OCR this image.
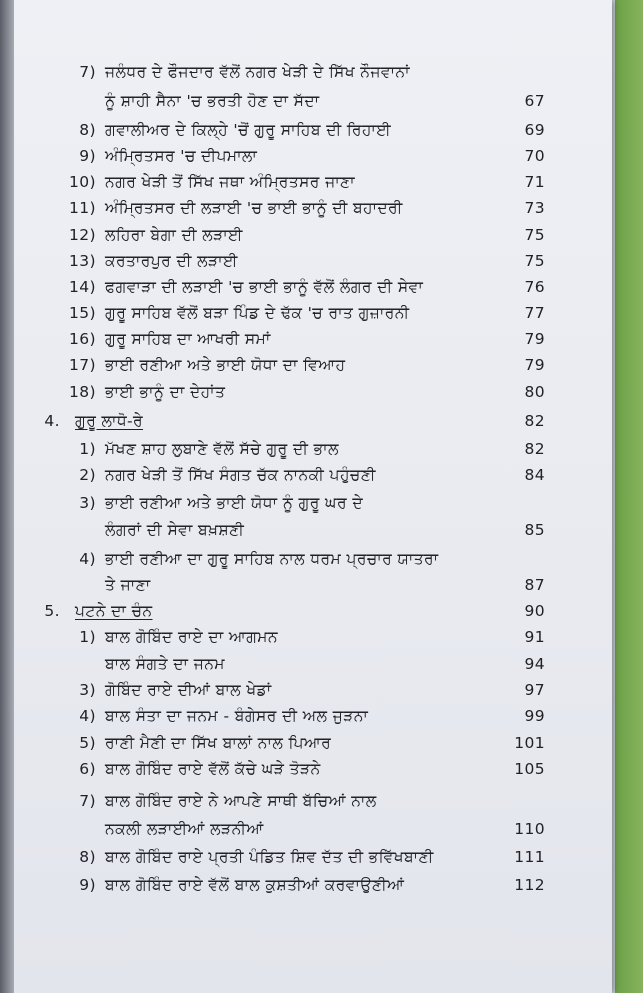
7) ਜਲੰਧਰ ਦੇ ਫੌਜਦਾਰ ਵੱਲੋਂ ਨਗਰ ਖੇੜੀ ਦੇ ਸਿੱਖ ਨੌਜਵਾਨਾਂ
ਨੂੰ ਸ਼ਾਹੀ ਸੈਨਾ 'ਚ ਭਰਤੀ ਹੋਣ ਦਾ ਸੱਦਾ	67
8) ਗਵਾਲੀਅਰ ਦੇ ਕਿਲ੍ਹੇ 'ਚੋਂ ਗੁਰੂ ਸਾਹਿਬ ਦੀ ਰਿਹਾਈ	69
9) ਅੰਮ੍ਰਿਤਸਰ 'ਚ ਦੀਪਮਾਲਾ	70
10) ਨਗਰ ਖੇੜੀ ਤੋਂ ਸਿੱਖ ਜਥਾ ਅੰਮ੍ਰਿਤਸਰ ਜਾਣਾ	71
11) ਅੰਮ੍ਰਿਤਸਰ ਦੀ ਲੜਾਈ 'ਚ ਭਾਈ ਭਾਨੂੰ ਦੀ ਬਹਾਦਰੀ	73
12) ਲਹਿਰਾ ਬੇਗਾ ਦੀ ਲੜਾਈ	75
13) ਕਰਤਾਰਪੁਰ ਦੀ ਲੜਾਈ	75
14) ਫਗਵਾੜਾ ਦੀ ਲੜਾਈ 'ਚ ਭਾਈ ਭਾਨੂੰ ਵੱਲੋਂ ਲੰਗਰ ਦੀ ਸੇਵਾ	76
15) ਗੁਰੂ ਸਾਹਿਬ ਵੱਲੋਂ ਬੜਾ ਪਿੰਡ ਦੇ ਢੱਕ 'ਚ ਰਾਤ ਗੁਜ਼ਾਰਨੀ	77
16) ਗੁਰੂ ਸਾਹਿਬ ਦਾ ਆਖਰੀ ਸਮਾਂ	79
17) ਭਾਈ ਰਣੀਆ ਅਤੇ ਭਾਈ ਯੋਧਾ ਦਾ ਵਿਆਹ	79
18) ਭਾਈ ਭਾਨੂੰ ਦਾ ਦੇਹਾਂਤ	80
4. ਗੁਰੂ ਲਾਧੋ-ਰੇ	82
1) ਮੱਖਣ ਸ਼ਾਹ ਲੁਬਾਣੇ ਵੱਲੋਂ ਸੱਚੇ ਗੁਰੂ ਦੀ ਭਾਲ	82
2) ਨਗਰ ਖੇੜੀ ਤੋਂ ਸਿੱਖ ਸੰਗਤ ਚੱਕ ਨਾਨਕੀ ਪਹੁੰਚਣੀ	84
3) ਭਾਈ ਰਣੀਆ ਅਤੇ ਭਾਈ ਯੋਧਾ ਨੂੰ ਗੁਰੂ ਘਰ ਦੇ
ਲੰਗਰਾਂ ਦੀ ਸੇਵਾ ਬਖ਼ਸ਼ਣੀ	85
4) ਭਾਈ ਰਣੀਆ ਦਾ ਗੁਰੂ ਸਾਹਿਬ ਨਾਲ ਧਰਮ ਪ੍ਰਚਾਰ ਯਾਤਰਾ
ਤੇ ਜਾਣਾ	87
5. ਪਟਨੇ ਦਾ ਚੰਨ	90
1) ਬਾਲ ਗੋਬਿੰਦ ਰਾਏ ਦਾ ਆਗਮਨ	91
ਬਾਲ ਸੰਗਤੇ ਦਾ ਜਨਮ	94
3) ਗੋਬਿੰਦ ਰਾਏ ਦੀਆਂ ਬਾਲ ਖੇਡਾਂ	97
4) ਬਾਲ ਸੰਤਾ ਦਾ ਜਨਮ - ਬੰਗੇਸਰ ਦੀ ਅਲ ਜੁੜਨਾ	99
5) ਰਾਣੀ ਮੈਣੀ ਦਾ ਸਿੱਖ ਬਾਲਾਂ ਨਾਲ ਪਿਆਰ	101
6) ਬਾਲ ਗੋਬਿੰਦ ਰਾਏ ਵੱਲੋਂ ਕੱਚੇ ਘੜੇ ਤੋੜਨੇ	105
7) ਬਾਲ ਗੋਬਿੰਦ ਰਾਏ ਨੇ ਆਪਣੇ ਸਾਥੀ ਬੱਚਿਆਂ ਨਾਲ
ਨਕਲੀ ਲੜਾਈਆਂ ਲੜਨੀਆਂ	110
8) ਬਾਲ ਗੋਬਿੰਦ ਰਾਏ ਪ੍ਰਤੀ ਪੰਡਿਤ ਸ਼ਿਵ ਦੱਤ ਦੀ ਭਵਿੱਖਬਾਣੀ	111
9) ਬਾਲ ਗੋਬਿੰਦ ਰਾਏ ਵੱਲੋਂ ਬਾਲ ਕੁਸ਼ਤੀਆਂ ਕਰਵਾਉਣੀਆਂ	112
